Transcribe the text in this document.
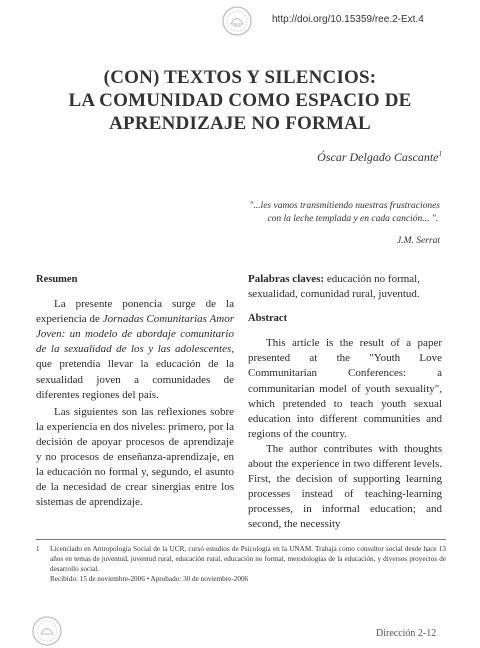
http://doi.org/10.15359/ree.2-Ext.4
(CON) TEXTOS Y SILENCIOS:
LA COMUNIDAD COMO ESPACIO DE
APRENDIZAJE NO FORMAL
Óscar Delgado Cascante$^1$
"...les vamos transmitiendo nuestras frustraciones
con la leche templada y en cada canción... ".
J.M. Serrat
Resumen
La presente ponencia surge de la experiencia de Jornadas Comunitarias Amor Joven: un modelo de abordaje comunitario de la sexualidad de los y las adolescentes, que pretendía llevar la educación de la sexualidad joven a comunidades de diferentes regiones del país.
Las siguientes son las reflexiones sobre la experiencia en dos niveles: primero, por la decisión de apoyar procesos de aprendizaje y no procesos de enseñanza-aprendizaje, en la educación no formal y, segundo, el asunto de la necesidad de crear sinergias entre los sistemas de aprendizaje.
Palabras claves: educación no formal, sexualidad, comunidad rural, juventud.
Abstract
This article is the result of a paper presented at the "Youth Love Communitarian Conferences: a communitarian model of youth sexuality", which pretended to teach youth sexual education into different communities and regions of the country.
The author contributes with thoughts about the experience in two different levels. First, the decision of supporting learning processes instead of teaching-learning processes, in informal education; and second, the necessity
1 Licenciado en Antropología Social de la UCR, cursó estudios de Psicología en la UNAM. Trabaja como consultor social desde hace 13 años en temas de juventud, juventud rural, educación rural, educación no formal, metodologías de la educación, y diversos proyectos de desarrollo social.
Recibido: 15 de noviembre-2006 • Aprobado: 30 de noviembre-2006
Dirección 2-12
